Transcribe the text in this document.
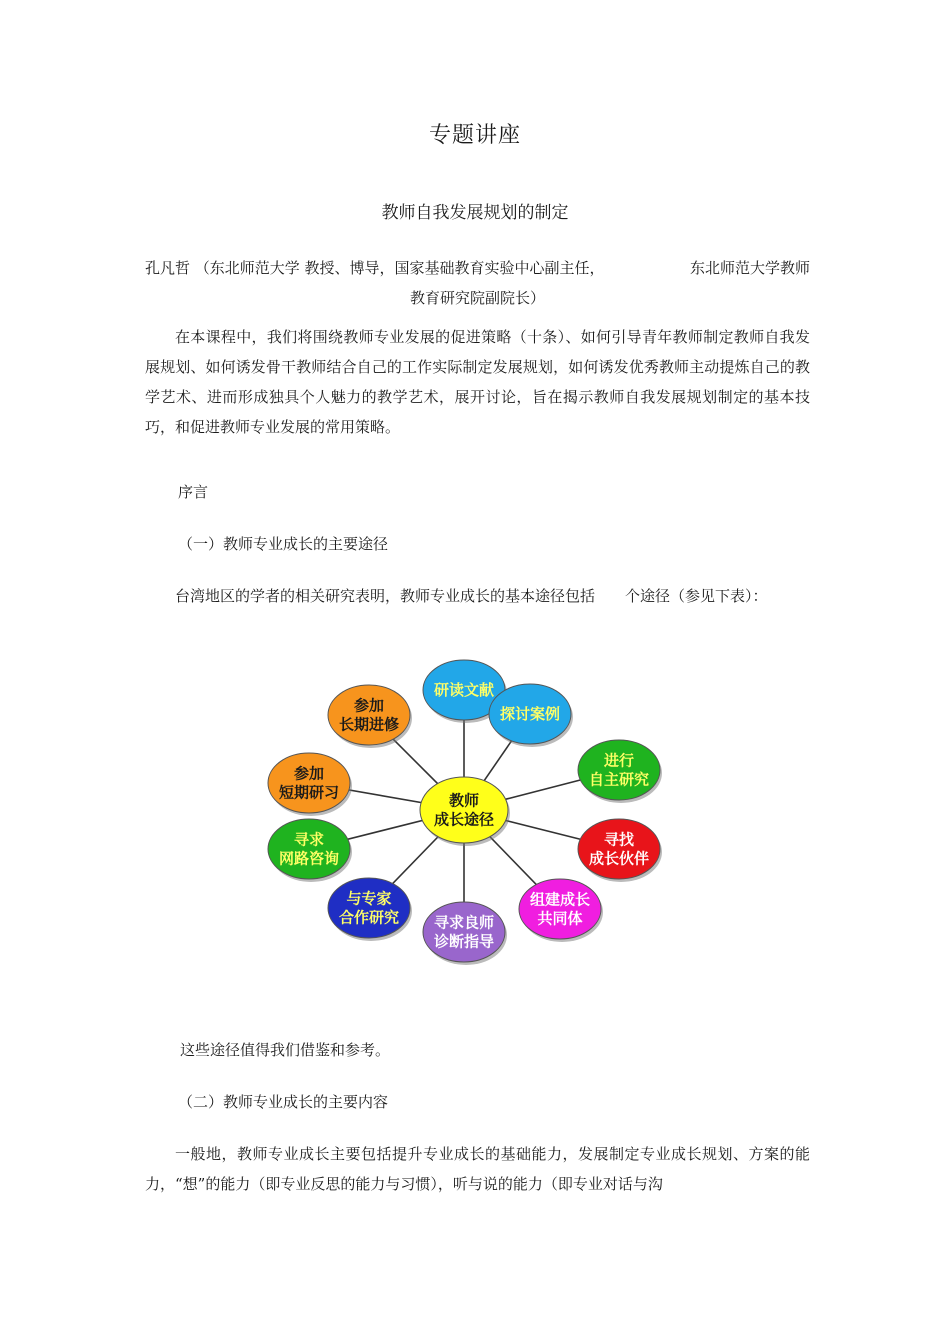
专题讲座
教师自我发展规划的制定
孔凡哲 （东北师范大学 教授、博导，国家基础教育实验中心副主任，	东北师范大学教师
教育研究院副院长）
在本课程中，我们将围绕教师专业发展的促进策略（十条）、如何引导青年教师制定教师自我发展规划、如何诱发骨干教师结合自己的工作实际制定发展规划，如何诱发优秀教师主动提炼自己的教学艺术、进而形成独具个人魅力的教学艺术，展开讨论，旨在揭示教师自我发展规划制定的基本技巧，和促进教师专业发展的常用策略。
序言
（一）教师专业成长的主要途径
台湾地区的学者的相关研究表明，教师专业成长的基本途径包括　　个途径（参见下表）：
研读文献
探讨案例
进行
自主研究
寻找
成长伙伴
组建成长
共同体
寻求良师
诊断指导
与专家
合作研究
寻求
网路咨询
参加
短期研习
参加
长期进修
教师
成长途径
这些途径值得我们借鉴和参考。
（二）教师专业成长的主要内容
一般地，教师专业成长主要包括提升专业成长的基础能力，发展制定专业成长规划、方案的能力，“想”的能力（即专业反思的能力与习惯），听与说的能力（即专业对话与沟
